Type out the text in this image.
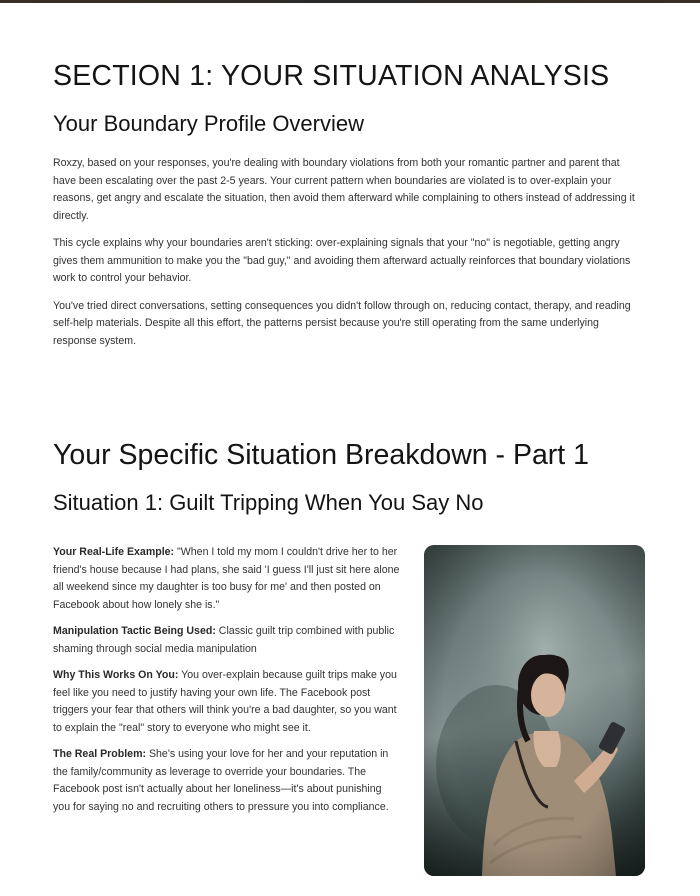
SECTION 1: YOUR SITUATION ANALYSIS
Your Boundary Profile Overview

Roxzy, based on your responses, you're dealing with boundary violations from both your romantic partner and parent that have been escalating over the past 2-5 years. Your current pattern when boundaries are violated is to over-explain your reasons, get angry and escalate the situation, then avoid them afterward while complaining to others instead of addressing it directly.

This cycle explains why your boundaries aren't sticking: over-explaining signals that your "no" is negotiable, getting angry gives them ammunition to make you the "bad guy," and avoiding them afterward actually reinforces that boundary violations work to control your behavior.

You've tried direct conversations, setting consequences you didn't follow through on, reducing contact, therapy, and reading self-help materials. Despite all this effort, the patterns persist because you're still operating from the same underlying response system.

Your Specific Situation Breakdown - Part 1
Situation 1: Guilt Tripping When You Say No

Your Real-Life Example: "When I told my mom I couldn't drive her to her friend's house because I had plans, she said 'I guess I'll just sit here alone all weekend since my daughter is too busy for me' and then posted on Facebook about how lonely she is."

Manipulation Tactic Being Used: Classic guilt trip combined with public shaming through social media manipulation

Why This Works On You: You over-explain because guilt trips make you feel like you need to justify having your own life. The Facebook post triggers your fear that others will think you're a bad daughter, so you want to explain the "real" story to everyone who might see it.

The Real Problem: She's using your love for her and your reputation in the family/community as leverage to override your boundaries. The Facebook post isn't actually about her loneliness—it's about punishing you for saying no and recruiting others to pressure you into compliance.
